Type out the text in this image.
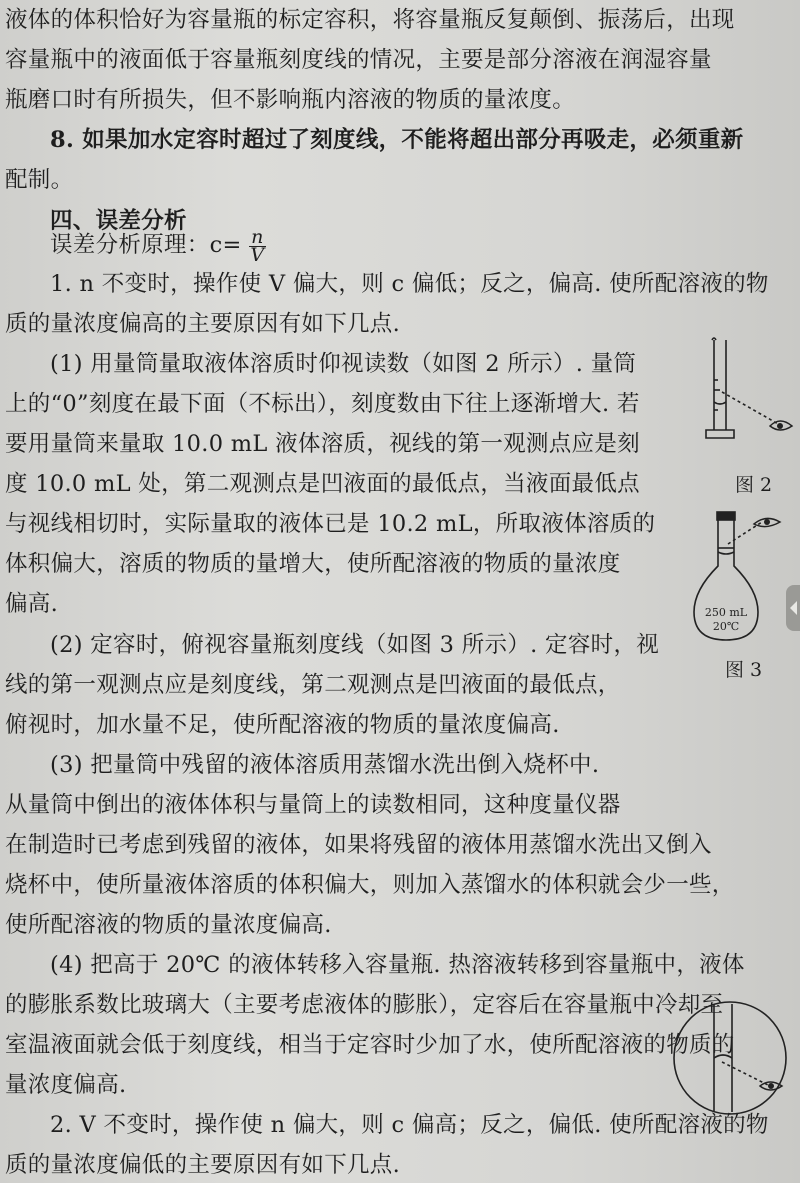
液体的体积恰好为容量瓶的标定容积，将容量瓶反复颠倒、振荡后，出现
容量瓶中的液面低于容量瓶刻度线的情况，主要是部分溶液在润湿容量
瓶磨口时有所损失，但不影响瓶内溶液的物质的量浓度。
8. 如果加水定容时超过了刻度线，不能将超出部分再吸走，必须重新
配制。
四、误差分析
误差分析原理：$c= \frac{n}{V}$
1. n 不变时，操作使 V 偏大，则 c 偏低；反之，偏高. 使所配溶液的物
质的量浓度偏高的主要原因有如下几点.
(1) 用量筒量取液体溶质时仰视读数（如图 2 所示）. 量筒
上的“0”刻度在最下面（不标出），刻度数由下往上逐渐增大. 若
要用量筒来量取 10.0 mL 液体溶质，视线的第一观测点应是刻
度 10.0 mL 处，第二观测点是凹液面的最低点，当液面最低点
与视线相切时，实际量取的液体已是 10.2 mL，所取液体溶质的
体积偏大，溶质的物质的量增大，使所配溶液的物质的量浓度
偏高.
(2) 定容时，俯视容量瓶刻度线（如图 3 所示）. 定容时，视
线的第一观测点应是刻度线，第二观测点是凹液面的最低点，
俯视时，加水量不足，使所配溶液的物质的量浓度偏高.
(3) 把量筒中残留的液体溶质用蒸馏水洗出倒入烧杯中.
从量筒中倒出的液体体积与量筒上的读数相同，这种度量仪器
在制造时已考虑到残留的液体，如果将残留的液体用蒸馏水洗出又倒入
烧杯中，使所量液体溶质的体积偏大，则加入蒸馏水的体积就会少一些，
使所配溶液的物质的量浓度偏高.
(4) 把高于 20℃ 的液体转移入容量瓶. 热溶液转移到容量瓶中，液体
的膨胀系数比玻璃大（主要考虑液体的膨胀），定容后在容量瓶中冷却至
室温液面就会低于刻度线，相当于定容时少加了水，使所配溶液的物质的
量浓度偏高.
2. V 不变时，操作使 n 偏大，则 c 偏高；反之，偏低. 使所配溶液的物
质的量浓度偏低的主要原因有如下几点.
图 2
250 mL
20℃
图 3
